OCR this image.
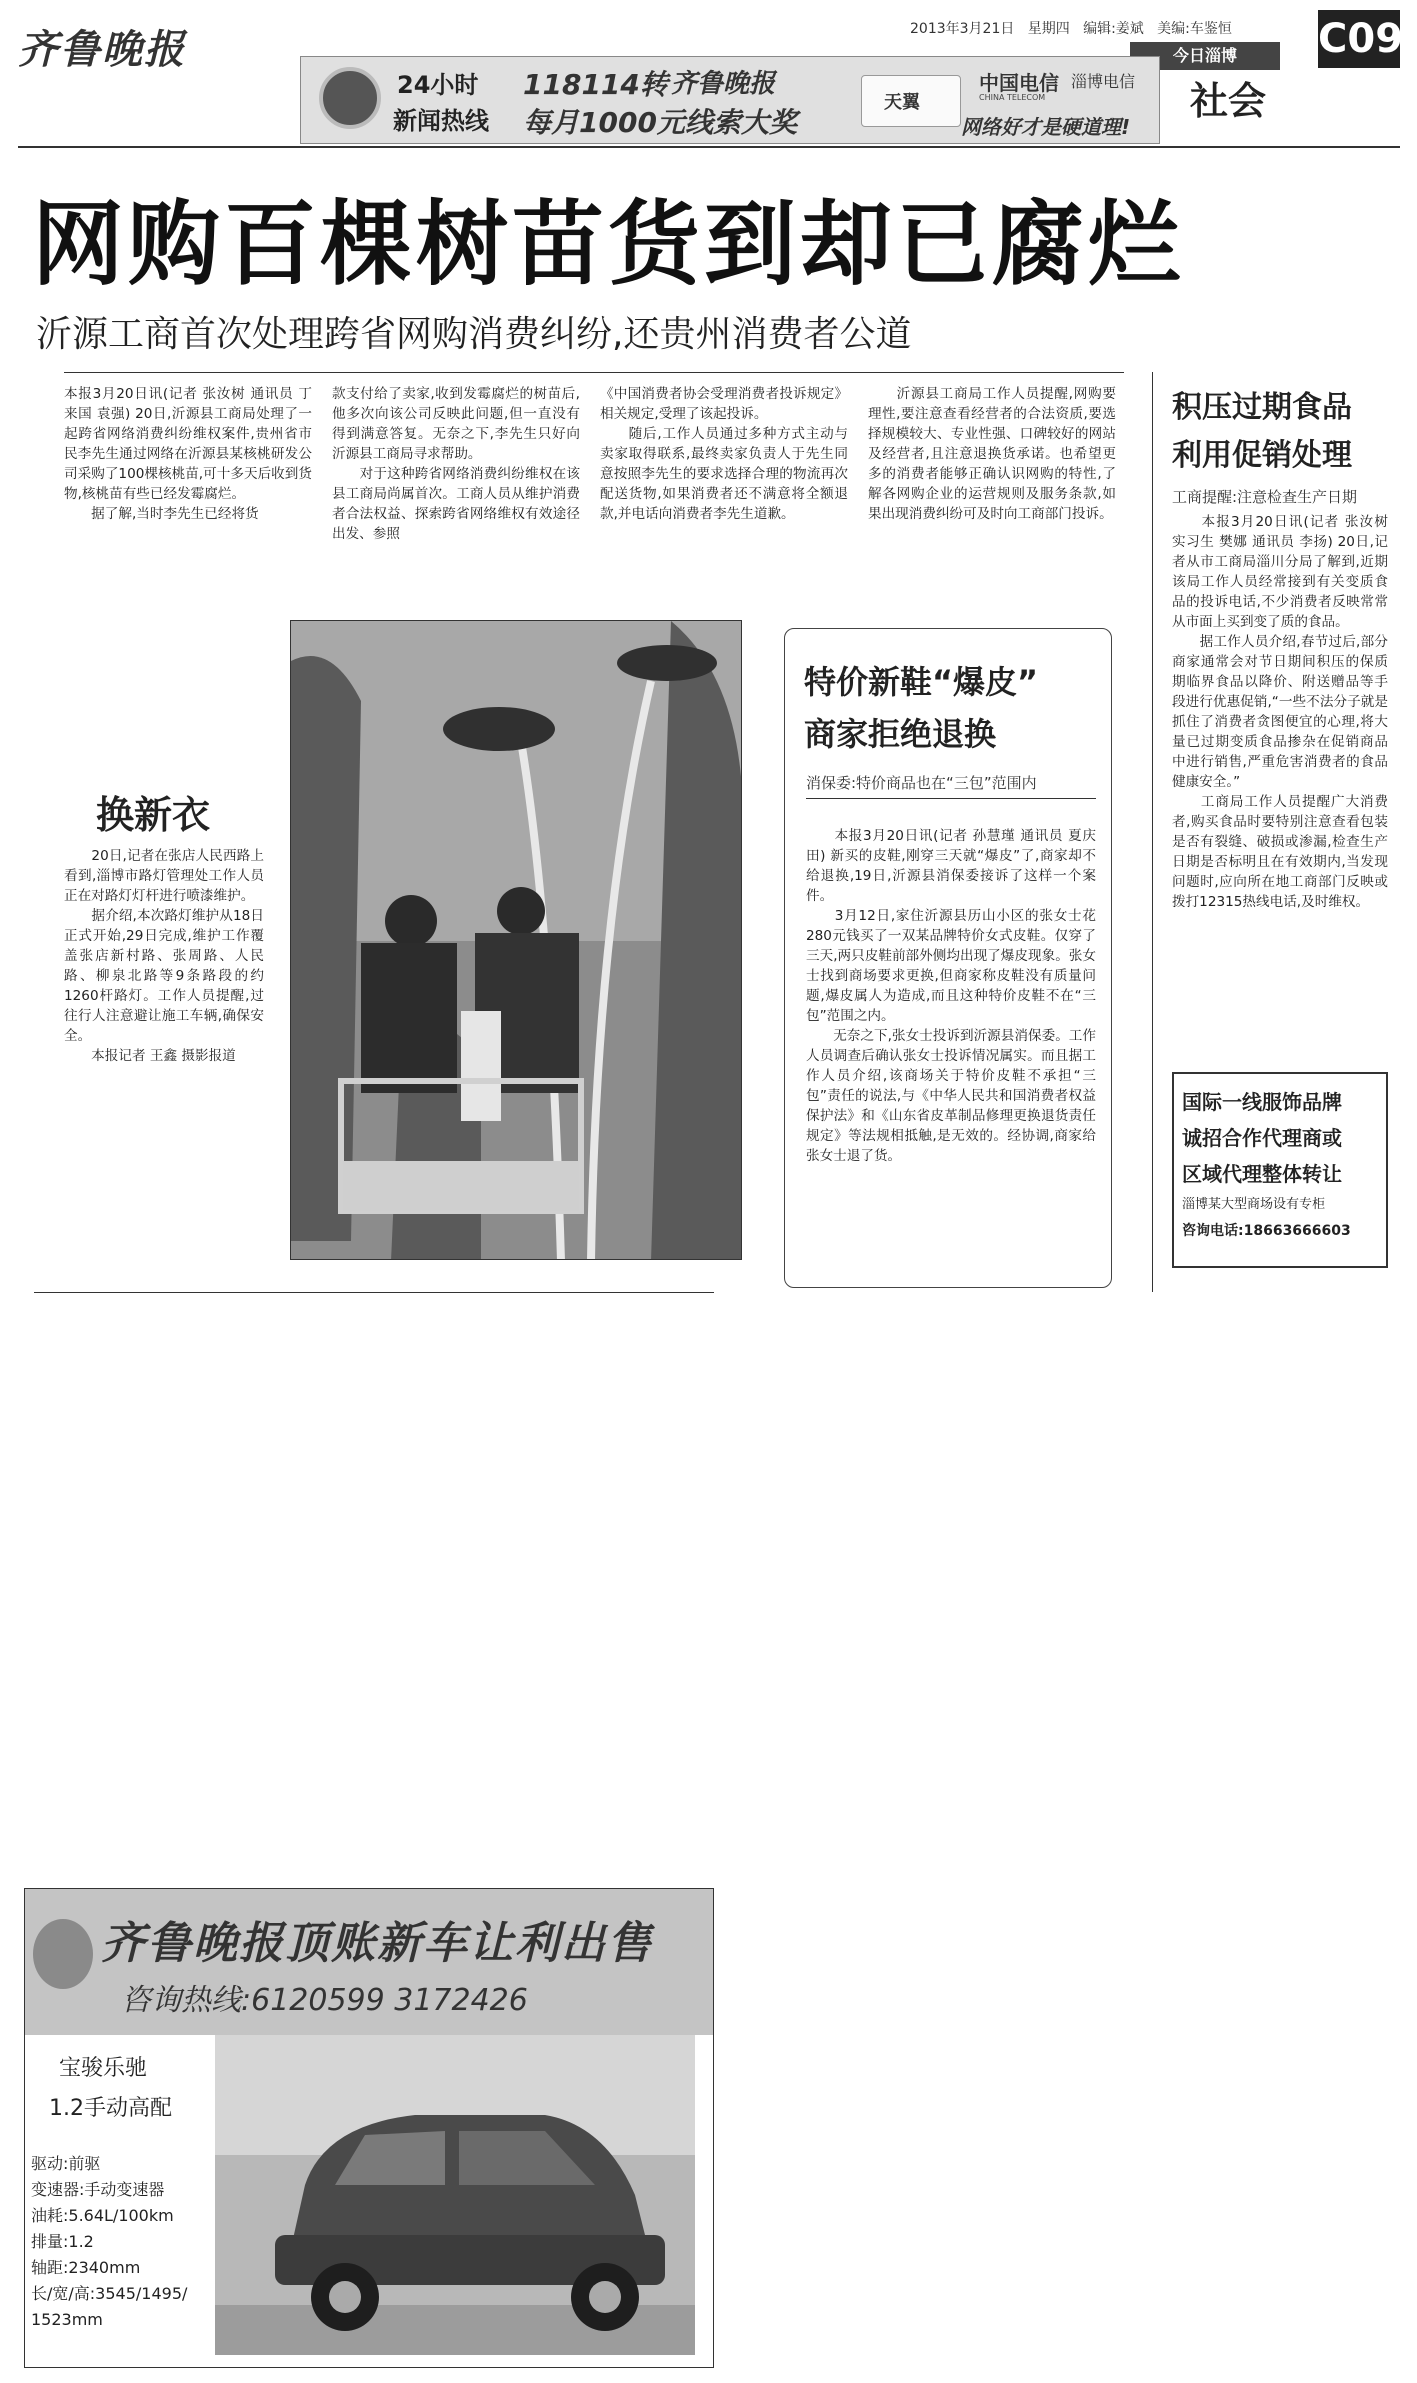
齐鲁晚报	2013年3月21日 星期四 编辑:姜斌 美编:车鉴恒 C09
今日淄博
社会
24小时
新闻热线
118114转 齐鲁晚报
每月1000元线索大奖
天翼
中国电信
CHINA TELECOM
淄博电信
网络好才是硬道理!
网购百棵树苗货到却已腐烂
沂源工商首次处理跨省网购消费纠纷,还贵州消费者公道
本报3月20日讯(记者 张汝树 通讯员 丁来国 袁强) 20日,沂源县工商局处理了一起跨省网络消费纠纷维权案件,贵州省市民李先生通过网络在沂源县某核桃研发公司采购了100棵核桃苗,可十多天后收到货物,核桃苗有些已经发霉腐烂。
　　据了解,当时李先生已经将货
款支付给了卖家,收到发霉腐烂的树苗后,他多次向该公司反映此问题,但一直没有得到满意答复。无奈之下,李先生只好向沂源县工商局寻求帮助。
　　对于这种跨省网络消费纠纷维权在该县工商局尚属首次。工商人员从维护消费者合法权益、探索跨省网络维权有效途径出发、参照
《中国消费者协会受理消费者投诉规定》相关规定,受理了该起投诉。
　　随后,工作人员通过多种方式主动与卖家取得联系,最终卖家负责人于先生同意按照李先生的要求选择合理的物流再次配送货物,如果消费者还不满意将全额退款,并电话向消费者李先生道歉。
　　沂源县工商局工作人员提醒,网购要理性,要注意查看经营者的合法资质,要选择规模较大、专业性强、口碑较好的网站及经营者,且注意退换货承诺。也希望更多的消费者能够正确认识网购的特性,了解各网购企业的运营规则及服务条款,如果出现消费纠纷可及时向工商部门投诉。
积压过期食品
利用促销处理
工商提醒:注意检查生产日期
　　本报3月20日讯(记者 张汝树 实习生 樊娜 通讯员 李扬) 20日,记者从市工商局淄川分局了解到,近期该局工作人员经常接到有关变质食品的投诉电话,不少消费者反映常常从市面上买到变了质的食品。
　　据工作人员介绍,春节过后,部分商家通常会对节日期间积压的保质期临界食品以降价、附送赠品等手段进行优惠促销,“一些不法分子就是抓住了消费者贪图便宜的心理,将大量已过期变质食品掺杂在促销商品中进行销售,严重危害消费者的食品健康安全。”
　　工商局工作人员提醒广大消费者,购买食品时要特别注意查看包装是否有裂缝、破损或渗漏,检查生产日期是否标明且在有效期内,当发现问题时,应向所在地工商部门反映或拨打12315热线电话,及时维权。
国际一线服饰品牌
诚招合作代理商或
区域代理整体转让
淄博某大型商场设有专柜
咨询电话:18663666603
换新衣
　　20日,记者在张店人民西路上看到,淄博市路灯管理处工作人员正在对路灯灯杆进行喷漆维护。
　　据介绍,本次路灯维护从18日正式开始,29日完成,维护工作覆盖张店新村路、张周路、人民路、柳泉北路等9条路段的约1260杆路灯。工作人员提醒,过往行人注意避让施工车辆,确保安全。
　　本报记者 王鑫 摄影报道
特价新鞋“爆皮”
商家拒绝退换
消保委:特价商品也在“三包”范围内
　　本报3月20日讯(记者 孙慧瑾 通讯员 夏庆田) 新买的皮鞋,刚穿三天就“爆皮”了,商家却不给退换,19日,沂源县消保委接诉了这样一个案件。
　　3月12日,家住沂源县历山小区的张女士花280元钱买了一双某品牌特价女式皮鞋。仅穿了三天,两只皮鞋前部外侧均出现了爆皮现象。张女士找到商场要求更换,但商家称皮鞋没有质量问题,爆皮属人为造成,而且这种特价皮鞋不在“三包”范围之内。
　　无奈之下,张女士投诉到沂源县消保委。工作人员调查后确认张女士投诉情况属实。而且据工作人员介绍,该商场关于特价皮鞋不承担“三包”责任的说法,与《中华人民共和国消费者权益保护法》和《山东省皮革制品修理更换退货责任规定》等法规相抵触,是无效的。经协调,商家给张女士退了货。
齐鲁晚报顶账新车让利出售
咨询热线:6120599 3172426
宝骏乐驰
1.2手动高配
驱动:前驱
变速器:手动变速器
油耗:5.64L/100km
排量:1.2
轴距:2340mm
长/宽/高:3545/1495/
1523mm
